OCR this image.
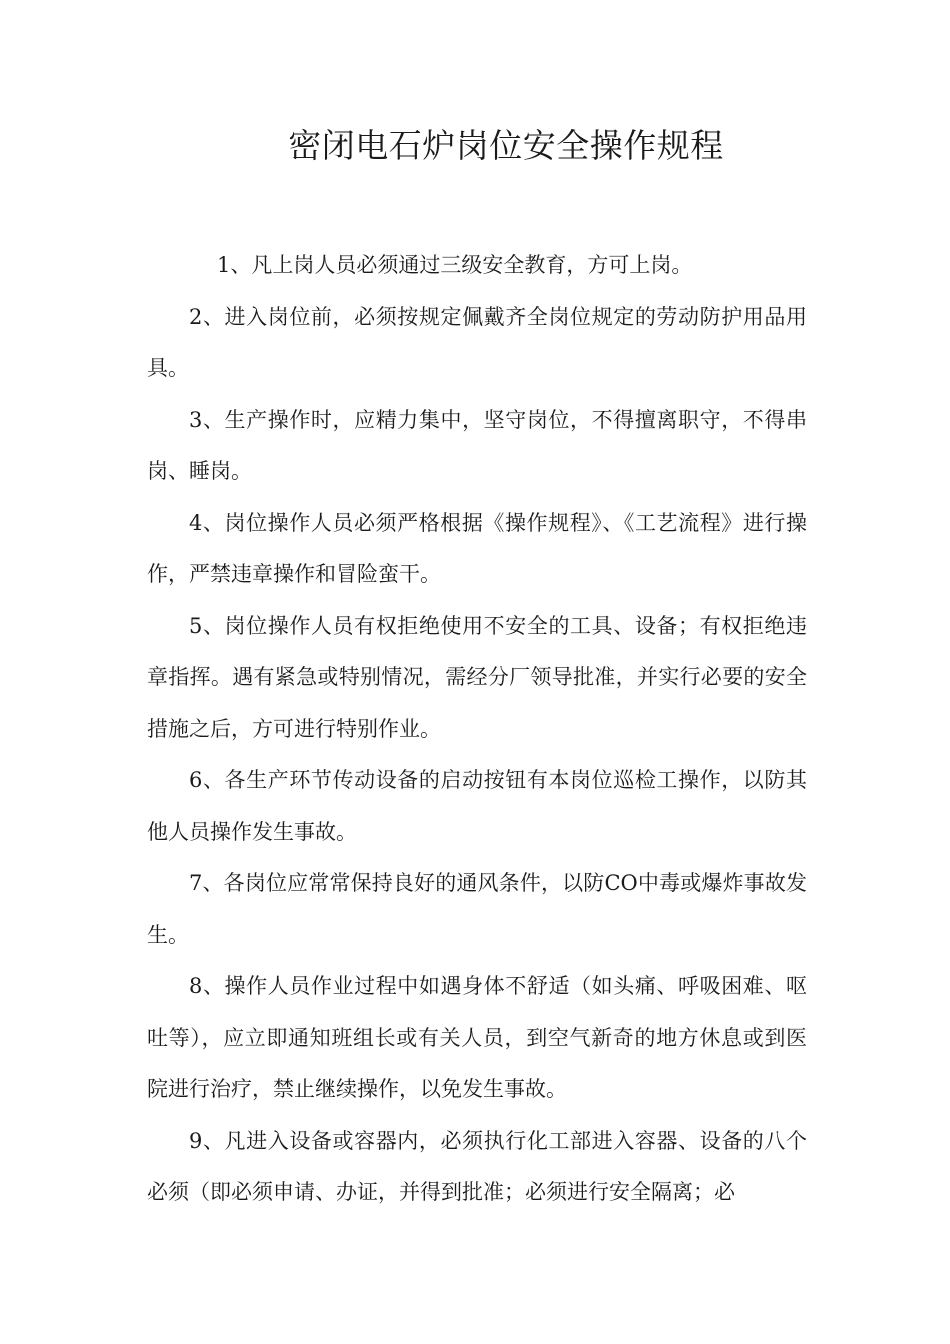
密闭电石炉岗位安全操作规程

1、凡上岗人员必须通过三级安全教育，方可上岗。

2、进入岗位前，必须按规定佩戴齐全岗位规定的劳动防护用品用具。

3、生产操作时，应精力集中，坚守岗位，不得擅离职守，不得串岗、睡岗。

4、岗位操作人员必须严格根据《操作规程》、《工艺流程》进行操作，严禁违章操作和冒险蛮干。

5、岗位操作人员有权拒绝使用不安全的工具、设备；有权拒绝违章指挥。遇有紧急或特别情况，需经分厂领导批准，并实行必要的安全措施之后，方可进行特别作业。

6、各生产环节传动设备的启动按钮有本岗位巡检工操作，以防其他人员操作发生事故。

7、各岗位应常常保持良好的通风条件，以防CO中毒或爆炸事故发生。

8、操作人员作业过程中如遇身体不舒适（如头痛、呼吸困难、呕吐等），应立即通知班组长或有关人员，到空气新奇的地方休息或到医院进行治疗，禁止继续操作，以免发生事故。

9、凡进入设备或容器内，必须执行化工部进入容器、设备的八个必须（即必须申请、办证，并得到批准；必须进行安全隔离；必
